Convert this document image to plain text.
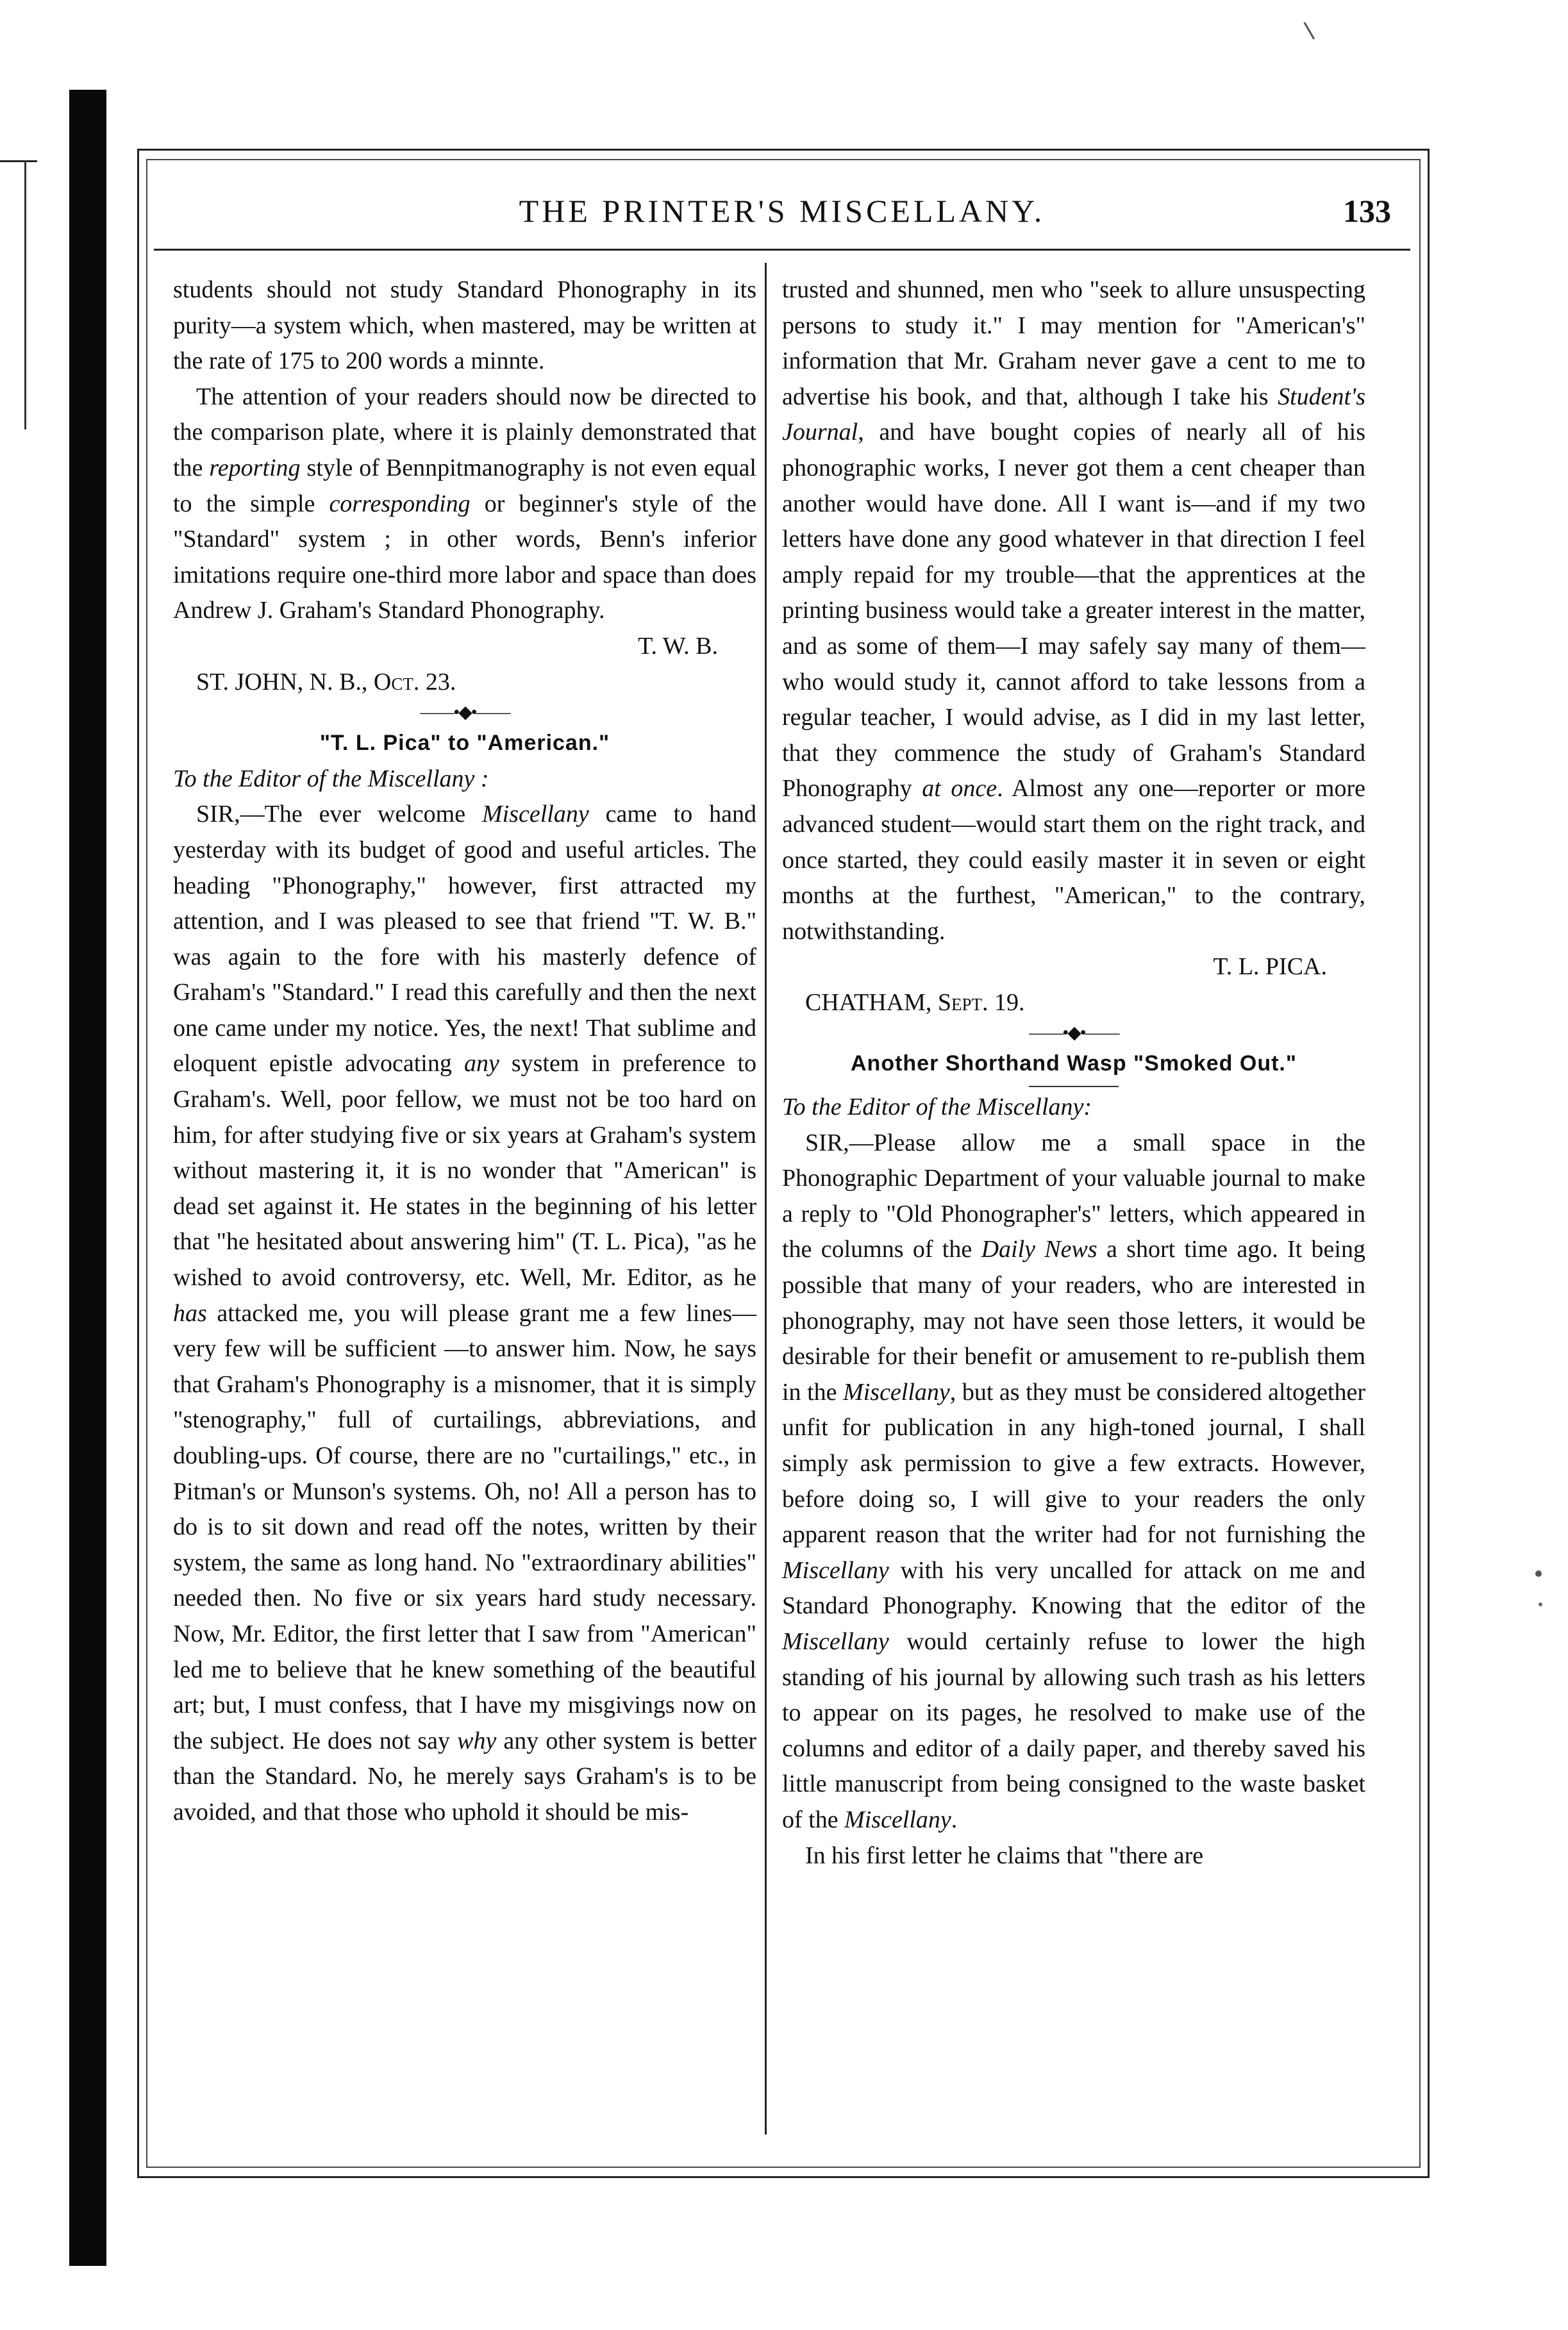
THE PRINTER'S MISCELLANY.	133

students should not study Standard Phonography in its purity—a system which, when mastered, may be written at the rate of 175 to 200 words a minnte.

The attention of your readers should now be directed to the comparison plate, where it is plainly demonstrated that the reporting style of Bennpitmanography is not even equal to the simple corresponding or beginner's style of the "Standard" system ; in other words, Benn's inferior imitations require one-third more labor and space than does Andrew J. Graham's Standard Phonography.

T. W. B.

ST. JOHN, N. B., Oct. 23.

——•◆•——

"T. L. Pica" to "American."

To the Editor of the Miscellany :

SIR,—The ever welcome Miscellany came to hand yesterday with its budget of good and useful articles. The heading "Phonography," however, first attracted my attention, and I was pleased to see that friend "T. W. B." was again to the fore with his masterly defence of Graham's "Standard." I read this carefully and then the next one came under my notice. Yes, the next! That sublime and eloquent epistle advocating any system in preference to Graham's. Well, poor fellow, we must not be too hard on him, for after studying five or six years at Graham's system without mastering it, it is no wonder that "American" is dead set against it. He states in the beginning of his letter that "he hesitated about answering him" (T. L. Pica), "as he wished to avoid controversy, etc. Well, Mr. Editor, as he has attacked me, you will please grant me a few lines—very few will be sufficient —to answer him. Now, he says that Graham's Phonography is a misnomer, that it is simply "stenography," full of curtailings, abbreviations, and doubling-ups. Of course, there are no "curtailings," etc., in Pitman's or Munson's systems. Oh, no! All a person has to do is to sit down and read off the notes, written by their system, the same as long hand. No "extraordinary abilities" needed then. No five or six years hard study necessary. Now, Mr. Editor, the first letter that I saw from "American" led me to believe that he knew something of the beautiful art; but, I must confess, that I have my misgivings now on the subject. He does not say why any other system is better than the Standard. No, he merely says Graham's is to be avoided, and that those who uphold it should be mis-

trusted and shunned, men who "seek to allure unsuspecting persons to study it." I may mention for "American's" information that Mr. Graham never gave a cent to me to advertise his book, and that, although I take his Student's Journal, and have bought copies of nearly all of his phonographic works, I never got them a cent cheaper than another would have done. All I want is—and if my two letters have done any good whatever in that direction I feel amply repaid for my trouble—that the apprentices at the printing business would take a greater interest in the matter, and as some of them—I may safely say many of them—who would study it, cannot afford to take lessons from a regular teacher, I would advise, as I did in my last letter, that they commence the study of Graham's Standard Phonography at once. Almost any one—reporter or more advanced student—would start them on the right track, and once started, they could easily master it in seven or eight months at the furthest, "American," to the contrary, notwithstanding.

T. L. PICA.

CHATHAM, Sept. 19.

——•◆•——

Another Shorthand Wasp "Smoked Out."

To the Editor of the Miscellany:

SIR,—Please allow me a small space in the Phonographic Department of your valuable journal to make a reply to "Old Phonographer's" letters, which appeared in the columns of the Daily News a short time ago. It being possible that many of your readers, who are interested in phonography, may not have seen those letters, it would be desirable for their benefit or amusement to re-publish them in the Miscellany, but as they must be considered altogether unfit for publication in any high-toned journal, I shall simply ask permission to give a few extracts. However, before doing so, I will give to your readers the only apparent reason that the writer had for not furnishing the Miscellany with his very uncalled for attack on me and Standard Phonography. Knowing that the editor of the Miscellany would certainly refuse to lower the high standing of his journal by allowing such trash as his letters to appear on its pages, he resolved to make use of the columns and editor of a daily paper, and thereby saved his little manuscript from being consigned to the waste basket of the Miscellany.

In his first letter he claims that "there are
